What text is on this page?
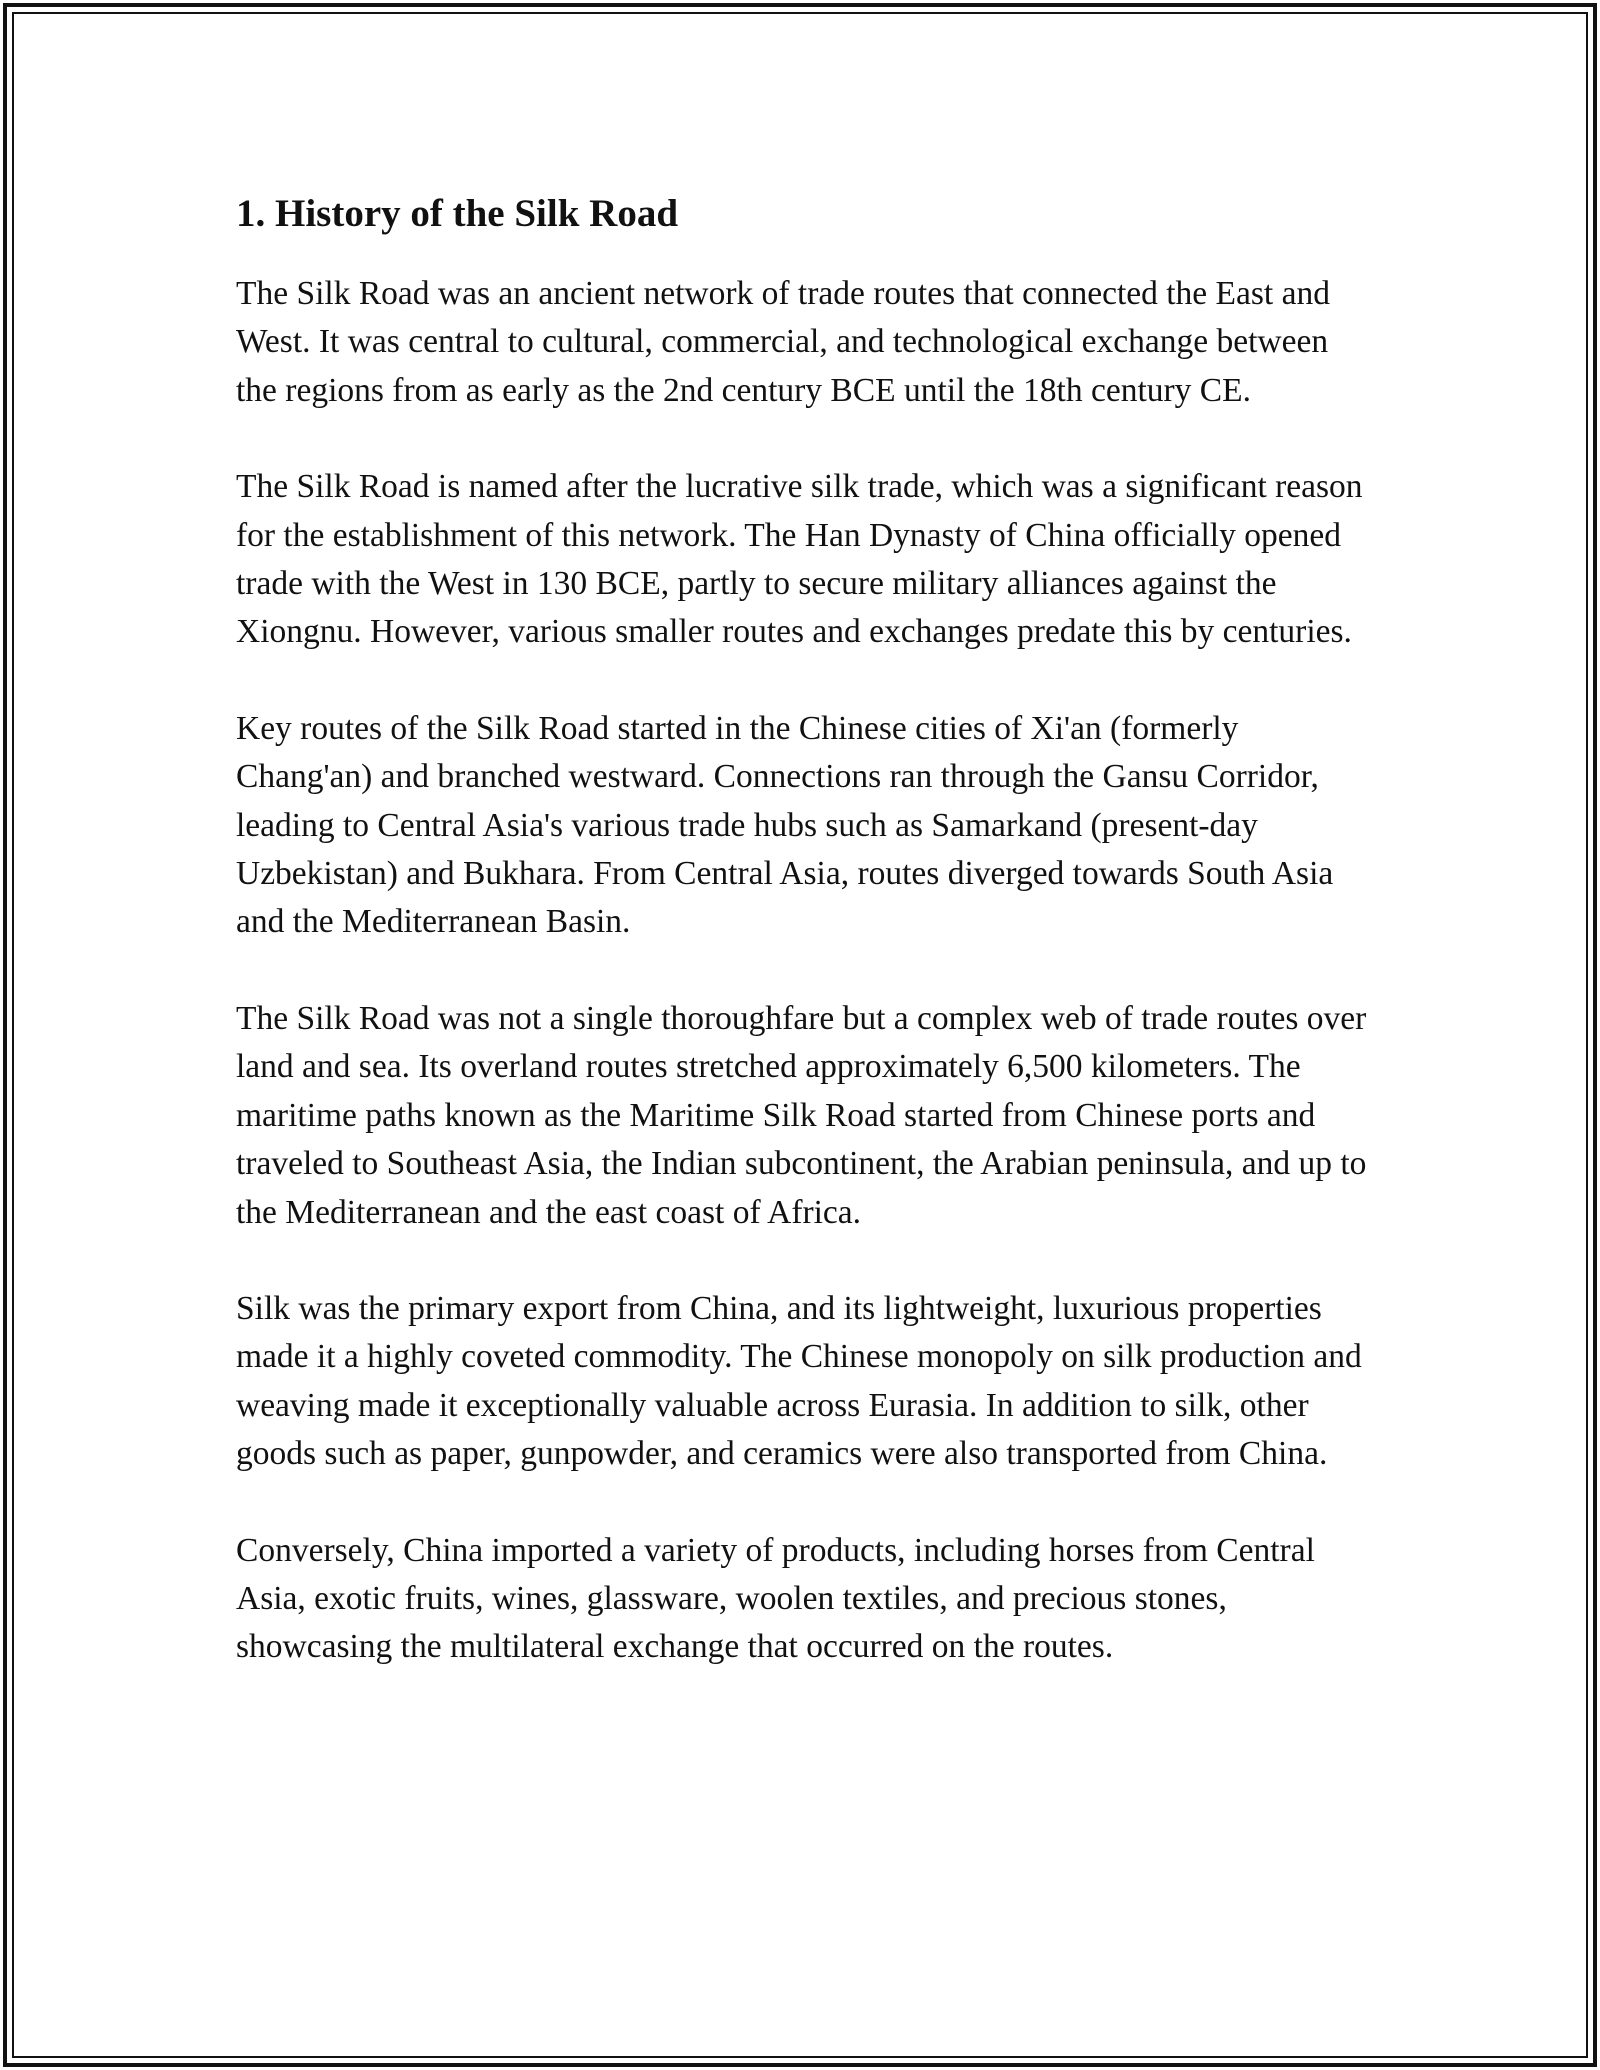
1. History of the Silk Road

The Silk Road was an ancient network of trade routes that connected the East and West. It was central to cultural, commercial, and technological exchange between the regions from as early as the 2nd century BCE until the 18th century CE.

The Silk Road is named after the lucrative silk trade, which was a significant reason for the establishment of this network. The Han Dynasty of China officially opened trade with the West in 130 BCE, partly to secure military alliances against the Xiongnu. However, various smaller routes and exchanges predate this by centuries.

Key routes of the Silk Road started in the Chinese cities of Xi'an (formerly Chang'an) and branched westward. Connections ran through the Gansu Corridor, leading to Central Asia's various trade hubs such as Samarkand (present-day Uzbekistan) and Bukhara. From Central Asia, routes diverged towards South Asia and the Mediterranean Basin.

The Silk Road was not a single thoroughfare but a complex web of trade routes over land and sea. Its overland routes stretched approximately 6,500 kilometers. The maritime paths known as the Maritime Silk Road started from Chinese ports and traveled to Southeast Asia, the Indian subcontinent, the Arabian peninsula, and up to the Mediterranean and the east coast of Africa.

Silk was the primary export from China, and its lightweight, luxurious properties made it a highly coveted commodity. The Chinese monopoly on silk production and weaving made it exceptionally valuable across Eurasia. In addition to silk, other goods such as paper, gunpowder, and ceramics were also transported from China.

Conversely, China imported a variety of products, including horses from Central Asia, exotic fruits, wines, glassware, woolen textiles, and precious stones, showcasing the multilateral exchange that occurred on the routes.
